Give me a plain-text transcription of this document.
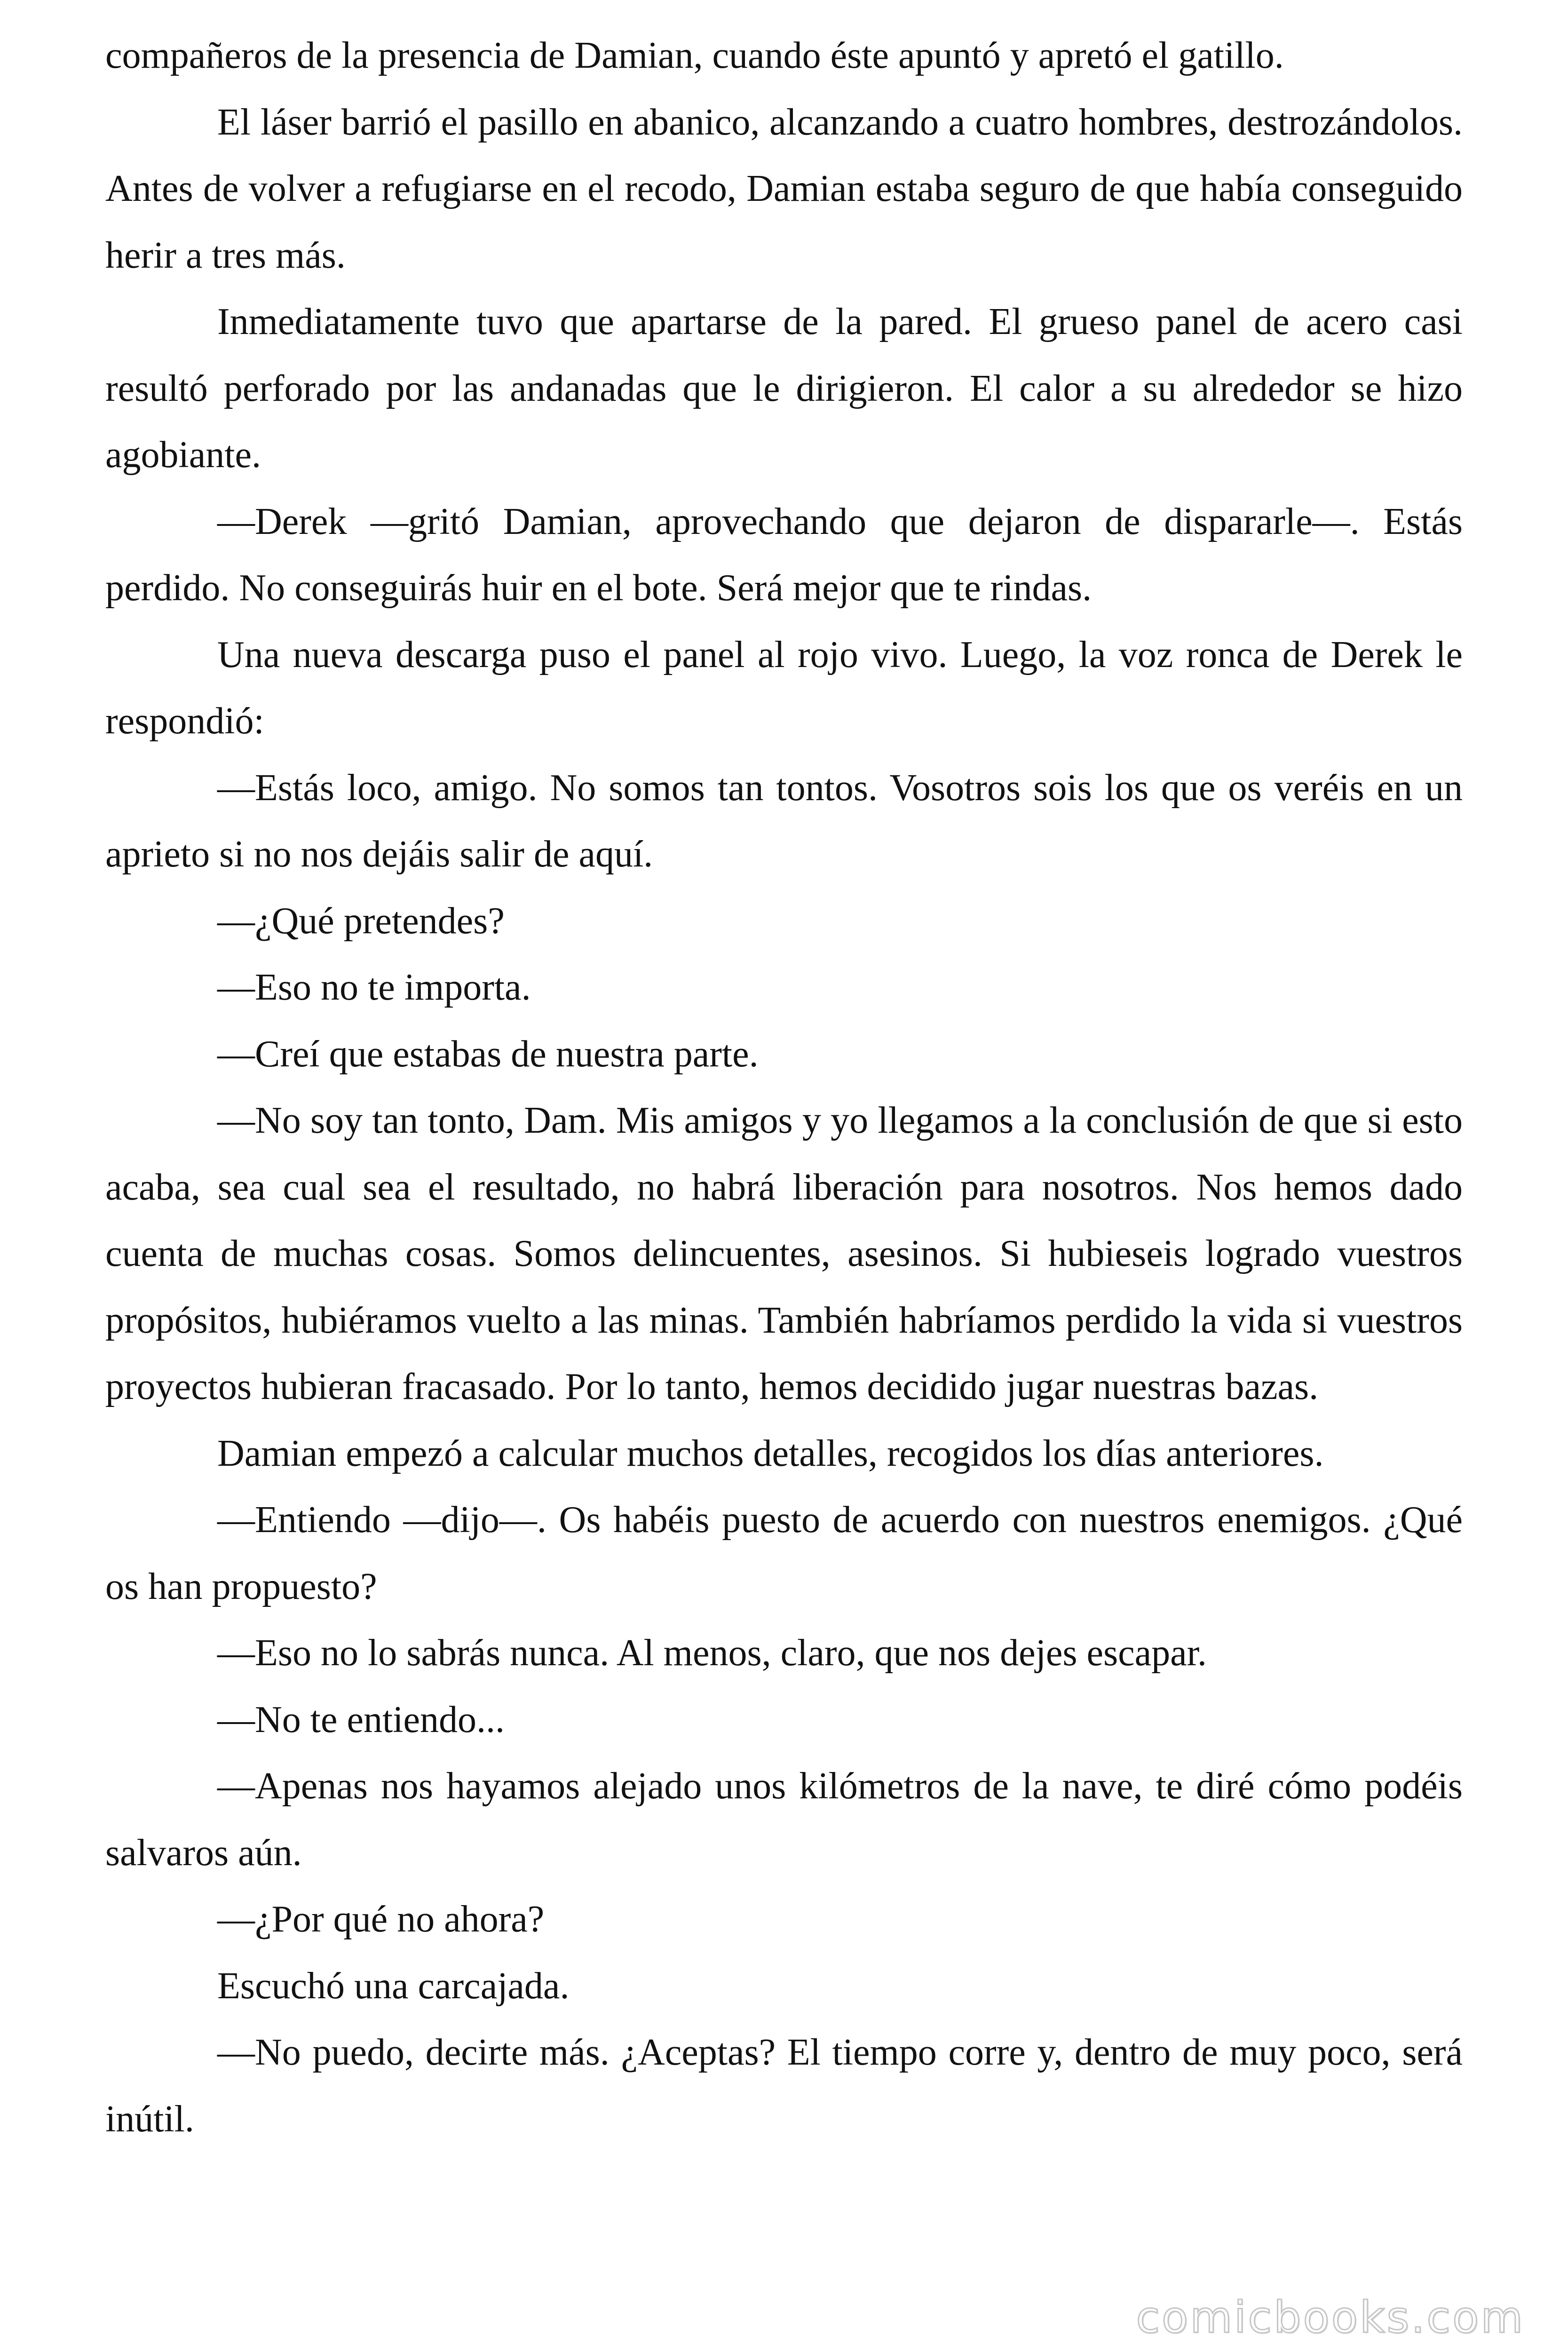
compañeros de la presencia de Damian, cuando éste apuntó y apretó el gatillo.

El láser barrió el pasillo en abanico, alcanzando a cuatro hombres, destrozándolos. Antes de volver a refugiarse en el recodo, Damian estaba seguro de que había conseguido herir a tres más.

Inmediatamente tuvo que apartarse de la pared. El grueso panel de acero casi resultó perforado por las andanadas que le dirigieron. El calor a su alrededor se hizo agobiante.

—Derek —gritó Damian, aprovechando que dejaron de dispararle—. Estás perdido. No conseguirás huir en el bote. Será mejor que te rindas.

Una nueva descarga puso el panel al rojo vivo. Luego, la voz ronca de Derek le respondió:

—Estás loco, amigo. No somos tan tontos. Vosotros sois los que os veréis en un aprieto si no nos dejáis salir de aquí.

—¿Qué pretendes?

—Eso no te importa.

—Creí que estabas de nuestra parte.

—No soy tan tonto, Dam. Mis amigos y yo llegamos a la conclusión de que si esto acaba, sea cual sea el resultado, no habrá liberación para nosotros. Nos hemos dado cuenta de muchas cosas. Somos delincuentes, asesinos. Si hubieseis logrado vuestros propósitos, hubiéramos vuelto a las minas. También habríamos perdido la vida si vuestros proyectos hubieran fracasado. Por lo tanto, hemos decidido jugar nuestras bazas.

Damian empezó a calcular muchos detalles, recogidos los días anteriores.

—Entiendo —dijo—. Os habéis puesto de acuerdo con nuestros enemigos. ¿Qué os han propuesto?

—Eso no lo sabrás nunca. Al menos, claro, que nos dejes escapar.

—No te entiendo...

—Apenas nos hayamos alejado unos kilómetros de la nave, te diré cómo podéis salvaros aún.

—¿Por qué no ahora?

Escuchó una carcajada.

—No puedo, decirte más. ¿Aceptas? El tiempo corre y, dentro de muy poco, será inútil.

comicbooks.com
